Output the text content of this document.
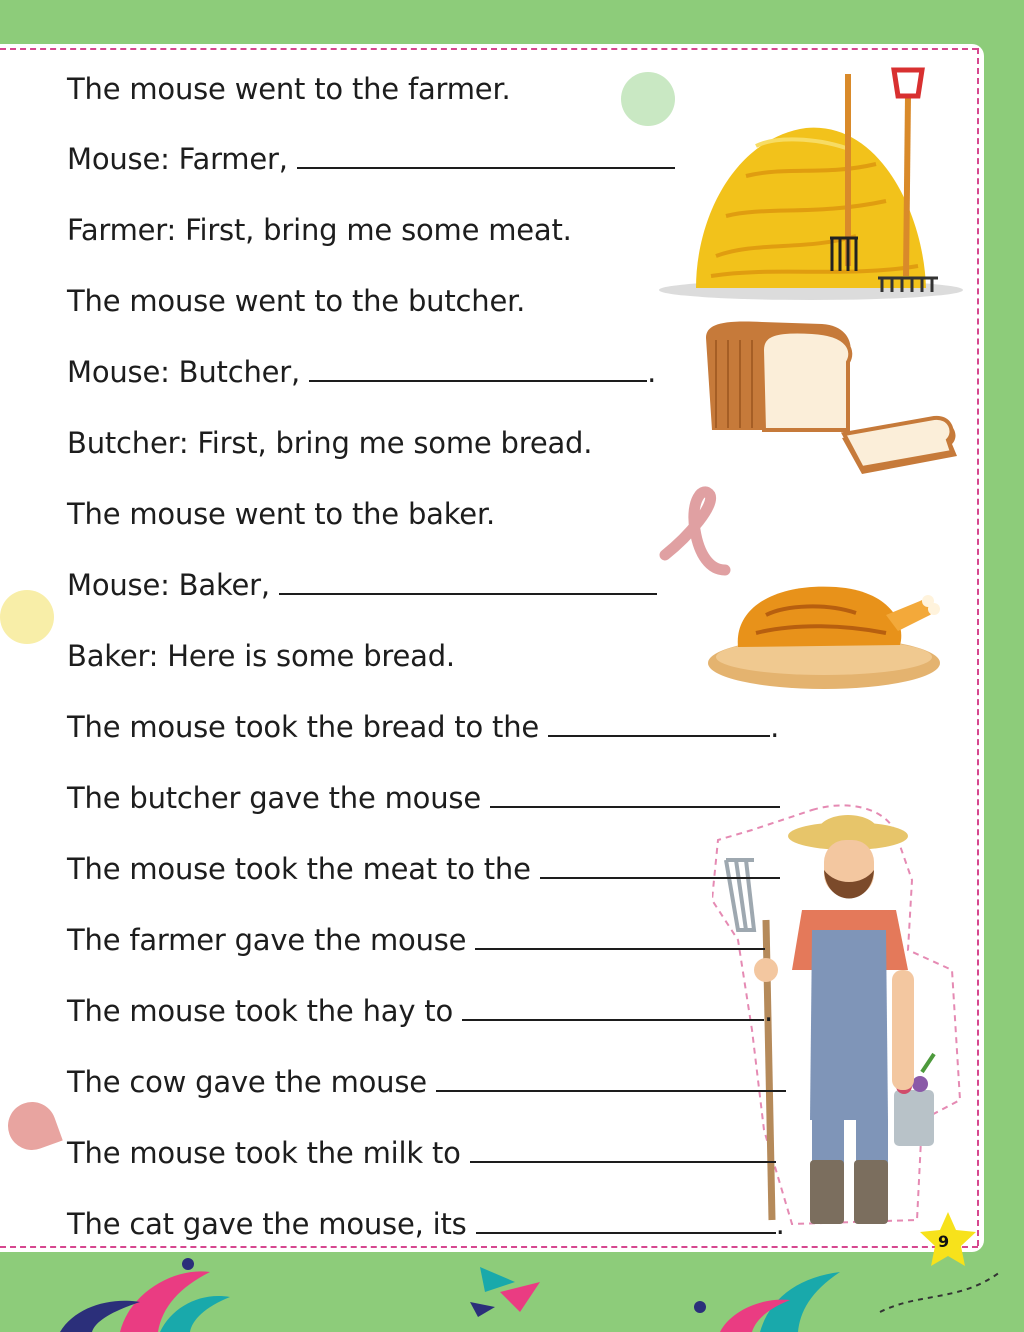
9
The mouse went to the farmer.
Mouse: Farmer,
Farmer: First, bring me some meat.
The mouse went to the butcher.
Mouse: Butcher,	.
Butcher: First, bring me some bread.
The mouse went to the baker.
Mouse: Baker,
Baker: Here is some bread.
The mouse took the bread to the	.
The butcher gave the mouse
The mouse took the meat to the
The farmer gave the mouse
The mouse took the hay to	.
The cow gave the mouse
The mouse took the milk to
The cat gave the mouse, its	.
